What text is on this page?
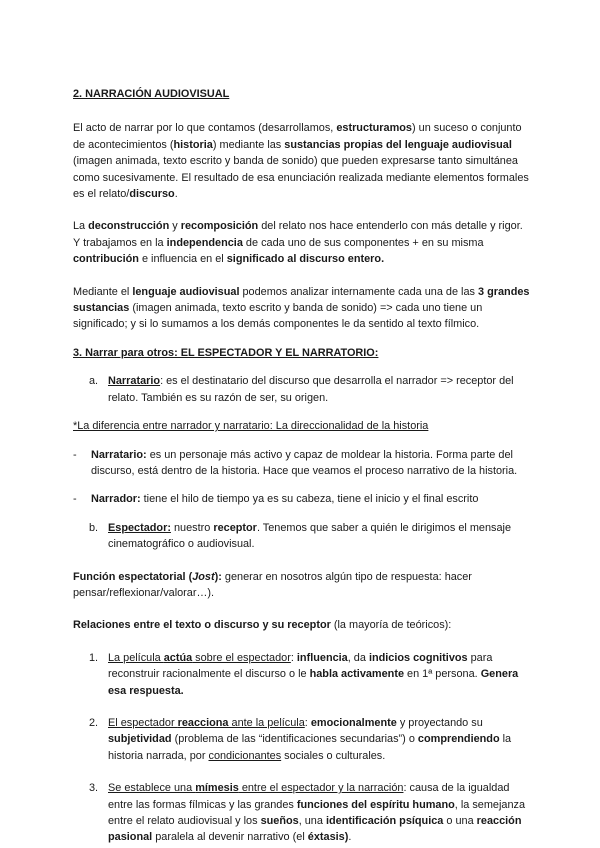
2. NARRACIÓN AUDIOVISUAL

El acto de narrar por lo que contamos (desarrollamos, estructuramos) un suceso o conjunto de acontecimientos (historia) mediante las sustancias propias del lenguaje audiovisual (imagen animada, texto escrito y banda de sonido) que pueden expresarse tanto simultánea como sucesivamente. El resultado de esa enunciación realizada mediante elementos formales es el relato/discurso.

La deconstrucción y recomposición del relato nos hace entenderlo con más detalle y rigor. Y trabajamos en la independencia de cada uno de sus componentes + en su misma contribución e influencia en el significado al discurso entero.

Mediante el lenguaje audiovisual podemos analizar internamente cada una de las 3 grandes sustancias (imagen animada, texto escrito y banda de sonido) => cada uno tiene un significado; y si lo sumamos a los demás componentes le da sentido al texto fílmico.

3. Narrar para otros: EL ESPECTADOR Y EL NARRATORIO:

a. Narratario: es el destinatario del discurso que desarrolla el narrador => receptor del relato. También es su razón de ser, su origen.

*La diferencia entre narrador y narratario: La direccionalidad de la historia

- Narratario: es un personaje más activo y capaz de moldear la historia. Forma parte del discurso, está dentro de la historia. Hace que veamos el proceso narrativo de la historia.

- Narrador: tiene el hilo de tiempo ya es su cabeza, tiene el inicio y el final escrito

b. Espectador: nuestro receptor. Tenemos que saber a quién le dirigimos el mensaje cinematográfico o audiovisual.

Función espectatorial (Jost): generar en nosotros algún tipo de respuesta: hacer pensar/reflexionar/valorar…).

Relaciones entre el texto o discurso y su receptor (la mayoría de teóricos):

1. La película actúa sobre el espectador: influencia, da indicios cognitivos para reconstruir racionalmente el discurso o le habla activamente en 1ª persona. Genera esa respuesta.

2. El espectador reacciona ante la película: emocionalmente y proyectando su subjetividad (problema de las “identificaciones secundarias”) o comprendiendo la historia narrada, por condicionantes sociales o culturales.

3. Se establece una mímesis entre el espectador y la narración: causa de la igualdad entre las formas fílmicas y las grandes funciones del espíritu humano, la semejanza entre el relato audiovisual y los sueños, una identificación psíquica o una reacción pasional paralela al devenir narrativo (el éxtasis).
